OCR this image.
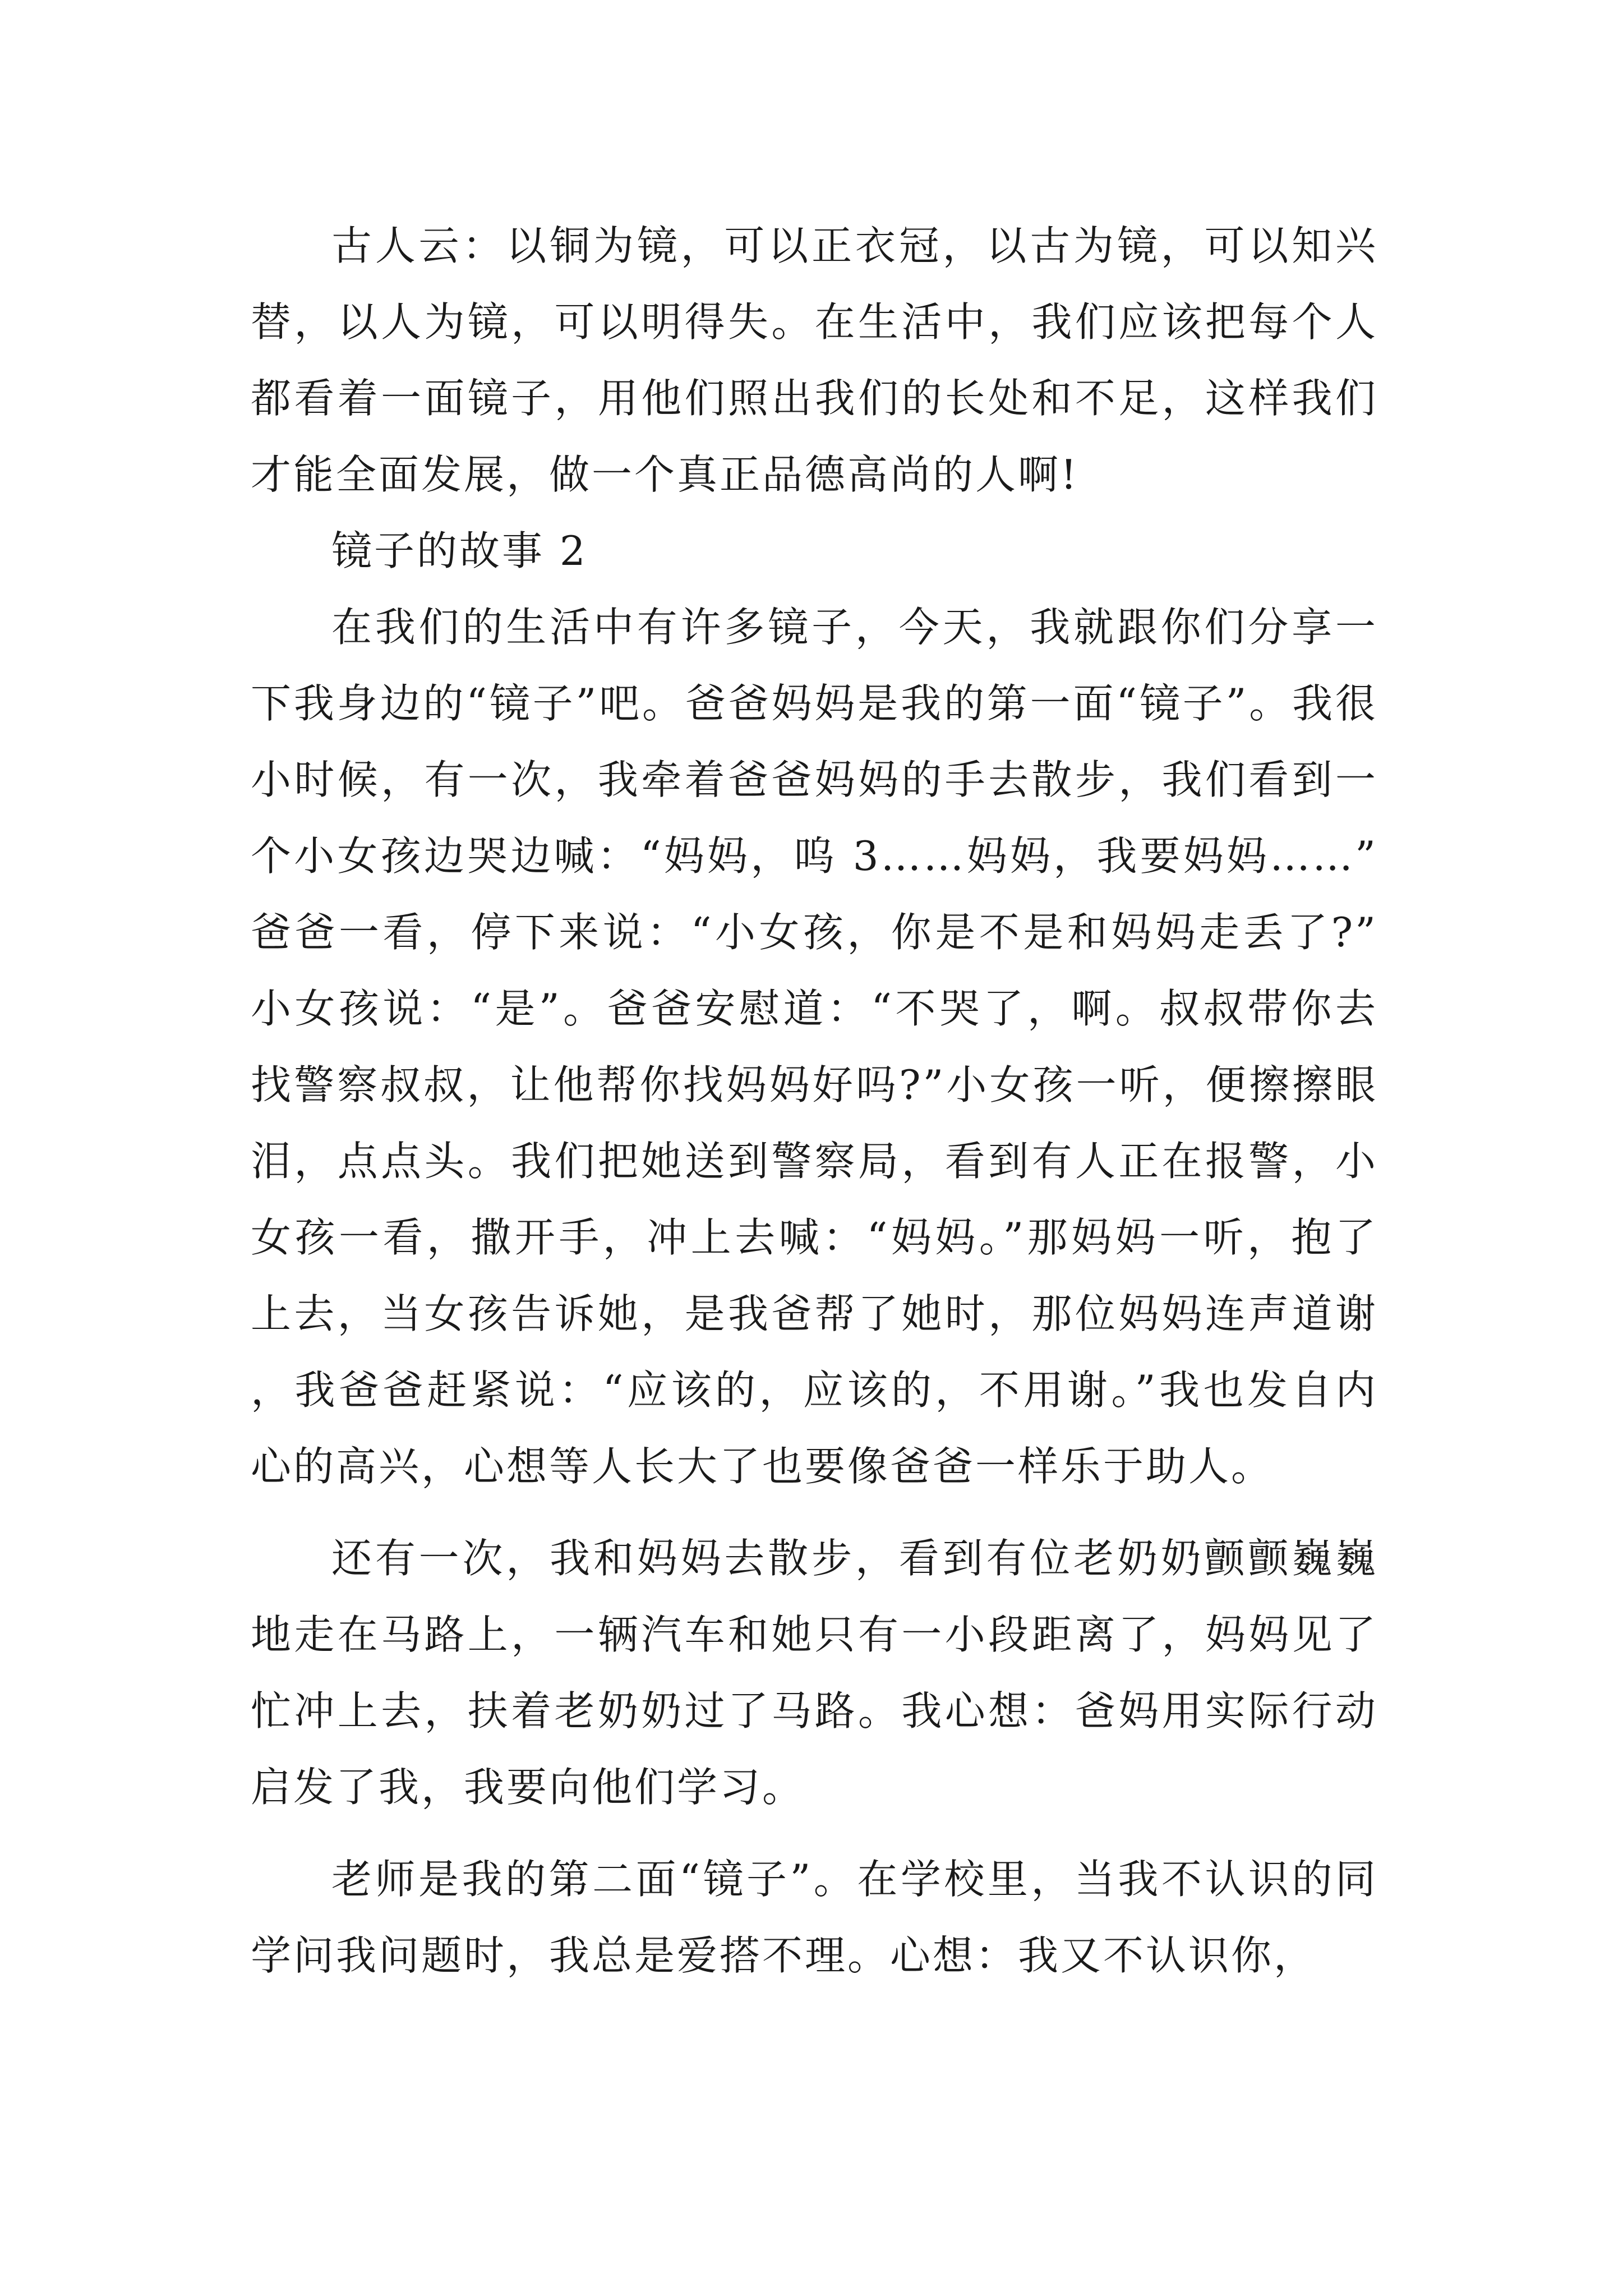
古人云：以铜为镜，可以正衣冠，以古为镜，可以知兴替，以人为镜，可以明得失。在生活中，我们应该把每个人都看着一面镜子，用他们照出我们的长处和不足，这样我们才能全面发展，做一个真正品德高尚的人啊!

镜子的故事 2

在我们的生活中有许多镜子，今天，我就跟你们分享一下我身边的“镜子”吧。爸爸妈妈是我的第一面“镜子”。我很小时候，有一次，我牵着爸爸妈妈的手去散步，我们看到一个小女孩边哭边喊：“妈妈，呜 3……妈妈，我要妈妈……”爸爸一看，停下来说：“小女孩，你是不是和妈妈走丢了?”小女孩说：“是”。爸爸安慰道：“不哭了，啊。叔叔带你去找警察叔叔，让他帮你找妈妈好吗?”小女孩一听，便擦擦眼泪，点点头。我们把她送到警察局，看到有人正在报警，小女孩一看，撒开手，冲上去喊：“妈妈。”那妈妈一听，抱了上去，当女孩告诉她，是我爸帮了她时，那位妈妈连声道谢，我爸爸赶紧说：“应该的，应该的，不用谢。”我也发自内心的高兴，心想等人长大了也要像爸爸一样乐于助人。

还有一次，我和妈妈去散步，看到有位老奶奶颤颤巍巍地走在马路上，一辆汽车和她只有一小段距离了，妈妈见了忙冲上去，扶着老奶奶过了马路。我心想：爸妈用实际行动启发了我，我要向他们学习。

老师是我的第二面“镜子”。在学校里，当我不认识的同学问我问题时，我总是爱搭不理。心想：我又不认识你，
